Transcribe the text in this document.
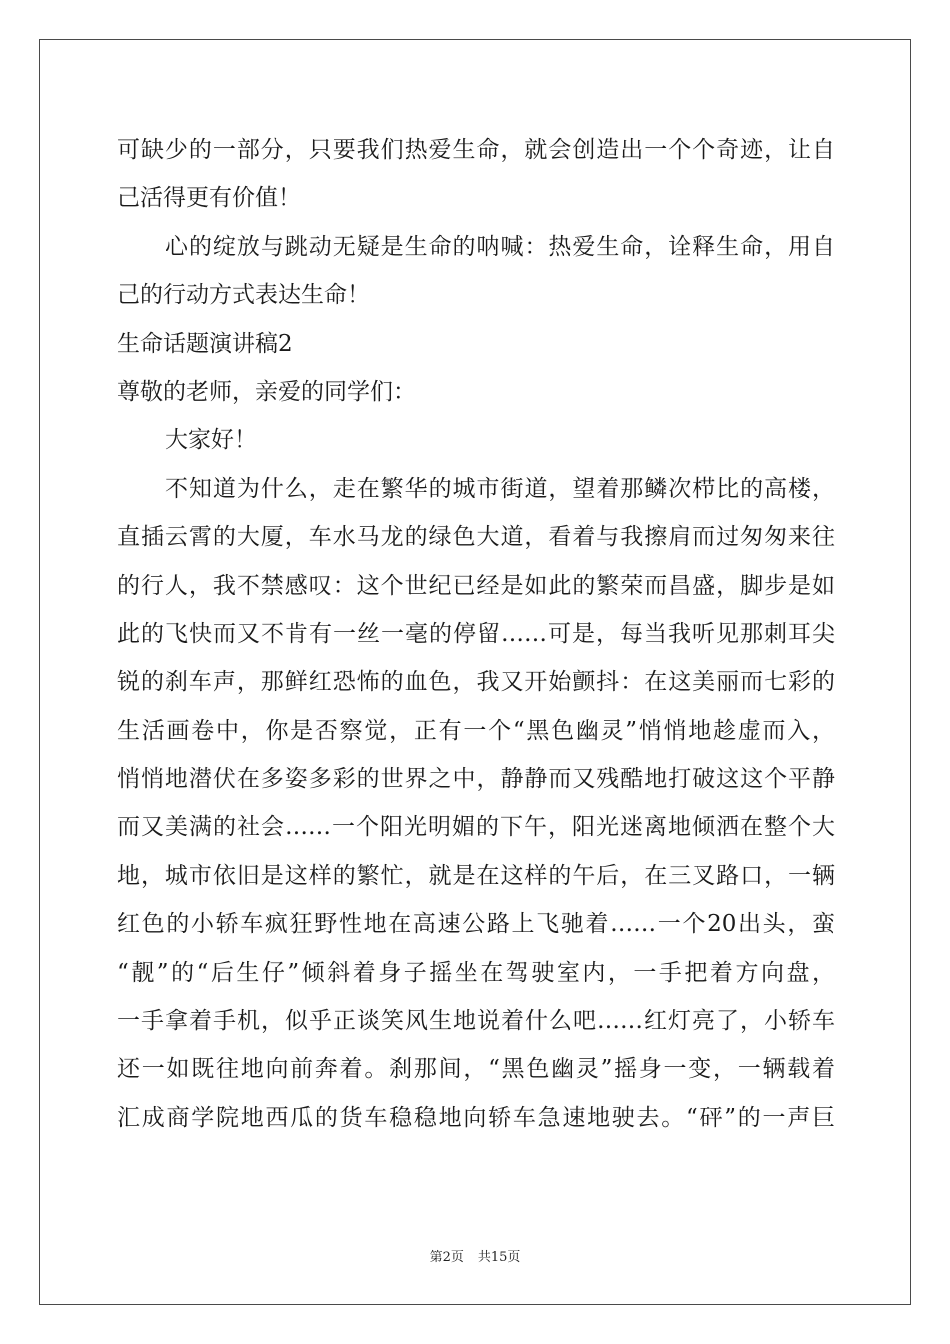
可缺少的一部分，只要我们热爱生命，就会创造出一个个奇迹，让自
己活得更有价值！
心的绽放与跳动无疑是生命的呐喊：热爱生命，诠释生命，用自
己的行动方式表达生命！
生命话题演讲稿2
尊敬的老师，亲爱的同学们：
大家好！
不知道为什么，走在繁华的城市街道，望着那鳞次栉比的高楼，
直插云霄的大厦，车水马龙的绿色大道，看着与我擦肩而过匆匆来往
的行人，我不禁感叹：这个世纪已经是如此的繁荣而昌盛，脚步是如
此的飞快而又不肯有一丝一毫的停留……可是，每当我听见那刺耳尖
锐的刹车声，那鲜红恐怖的血色，我又开始颤抖：在这美丽而七彩的
生活画卷中，你是否察觉，正有一个“黑色幽灵”悄悄地趁虚而入，
悄悄地潜伏在多姿多彩的世界之中，静静而又残酷地打破这这个平静
而又美满的社会……一个阳光明媚的下午，阳光迷离地倾洒在整个大
地，城市依旧是这样的繁忙，就是在这样的午后，在三叉路口，一辆
红色的小轿车疯狂野性地在高速公路上飞驰着……一个20出头，蛮
“靓”的“后生仔”倾斜着身子摇坐在驾驶室内，一手把着方向盘，
一手拿着手机，似乎正谈笑风生地说着什么吧……红灯亮了，小轿车
还一如既往地向前奔着。刹那间，“黑色幽灵”摇身一变，一辆载着
汇成商学院地西瓜的货车稳稳地向轿车急速地驶去。“砰”的一声巨
第2页 共15页
